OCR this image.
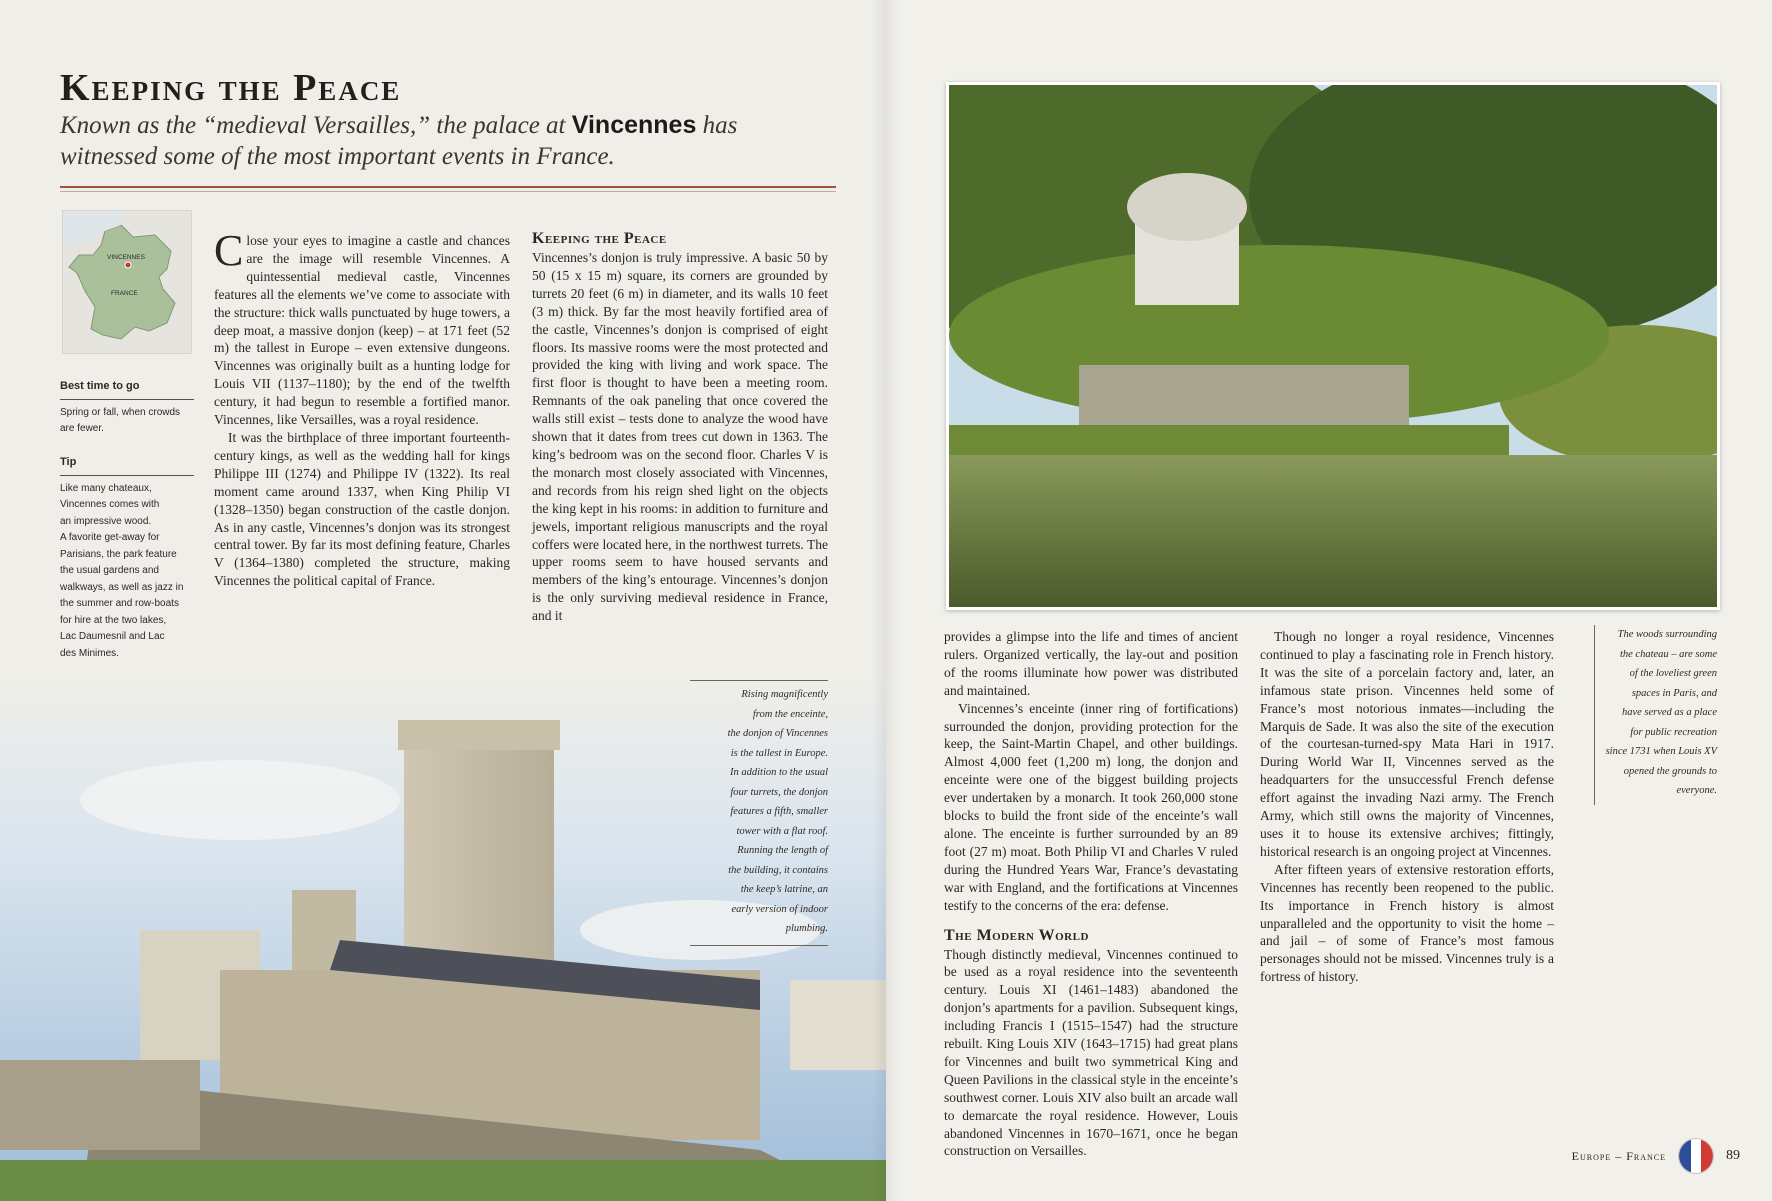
Keeping the Peace

Known as the “medieval Versailles,” the palace at Vincennes has witnessed some of the most important events in France.

VINCENNES
FRANCE
Best time to go
Spring or fall, when crowds
are fewer.
Tip
Like many chateaux,
Vincennes comes with
an impressive wood.
A favorite get-away for
Parisians, the park feature
the usual gardens and
walkways, as well as jazz in
the summer and row-boats
for hire at the two lakes,
Lac Daumesnil and Lac
des Minimes.

Close your eyes to imagine a castle and chances are the image will resemble Vincennes. A quintessential medieval castle, Vincennes features all the elements we’ve come to associate with the structure: thick walls punctuated by huge towers, a deep moat, a massive donjon (keep) – at 171 feet (52 m) the tallest in Europe – even extensive dungeons. Vincennes was originally built as a hunting lodge for Louis VII (1137–1180); by the end of the twelfth century, it had begun to resemble a fortified manor. Vincennes, like Versailles, was a royal residence.

It was the birthplace of three important fourteenth-century kings, as well as the wedding hall for kings Philippe III (1274) and Philippe IV (1322). Its real moment came around 1337, when King Philip VI (1328–1350) began construction of the castle donjon. As in any castle, Vincennes’s donjon was its strongest central tower. By far its most defining feature, Charles V (1364–1380) completed the structure, making Vincennes the political capital of France.

Keeping the Peace

Vincennes’s donjon is truly impressive. A basic 50 by 50 (15 x 15 m) square, its corners are grounded by turrets 20 feet (6 m) in diameter, and its walls 10 feet (3 m) thick. By far the most heavily fortified area of the castle, Vincennes’s donjon is comprised of eight floors. Its massive rooms were the most protected and provided the king with living and work space. The first floor is thought to have been a meeting room. Remnants of the oak paneling that once covered the walls still exist – tests done to analyze the wood have shown that it dates from trees cut down in 1363. The king’s bedroom was on the second floor. Charles V is the monarch most closely associated with Vincennes, and records from his reign shed light on the objects the king kept in his rooms: in addition to furniture and jewels, important religious manuscripts and the royal coffers were located here, in the northwest turrets. The upper rooms seem to have housed servants and members of the king’s entourage. Vincennes’s donjon is the only surviving medieval residence in France, and it

Rising magnificently
from the enceinte,
the donjon of Vincennes
is the tallest in Europe.
In addition to the usual
four turrets, the donjon
features a fifth, smaller
tower with a flat roof.
Running the length of
the building, it contains
the keep’s latrine, an
early version of indoor
plumbing.
The woods surrounding
the chateau – are some
of the loveliest green
spaces in Paris, and
have served as a place
for public recreation
since 1731 when Louis XV
opened the grounds to
everyone.

provides a glimpse into the life and times of ancient rulers. Organized vertically, the lay-out and position of the rooms illuminate how power was distributed and maintained.

Vincennes’s enceinte (inner ring of fortifications) surrounded the donjon, providing protection for the keep, the Saint-Martin Chapel, and other buildings. Almost 4,000 feet (1,200 m) long, the donjon and enceinte were one of the biggest building projects ever undertaken by a monarch. It took 260,000 stone blocks to build the front side of the enceinte’s wall alone. The enceinte is further surrounded by an 89 foot (27 m) moat. Both Philip VI and Charles V ruled during the Hundred Years War, France’s devastating war with England, and the fortifications at Vincennes testify to the concerns of the era: defense.

The Modern World

Though distinctly medieval, Vincennes continued to be used as a royal residence into the seventeenth century. Louis XI (1461–1483) abandoned the donjon’s apartments for a pavilion. Subsequent kings, including Francis I (1515–1547) had the structure rebuilt. King Louis XIV (1643–1715) had great plans for Vincennes and built two symmetrical King and Queen Pavilions in the classical style in the enceinte’s southwest corner. Louis XIV also built an arcade wall to demarcate the royal residence. However, Louis abandoned Vincennes in 1670–1671, once he began construction on Versailles.

Though no longer a royal residence, Vincennes continued to play a fascinating role in French history. It was the site of a porcelain factory and, later, an infamous state prison. Vincennes held some of France’s most notorious inmates—including the Marquis de Sade. It was also the site of the execution of the courtesan-turned-spy Mata Hari in 1917. During World War II, Vincennes served as the headquarters for the unsuccessful French defense effort against the invading Nazi army. The French Army, which still owns the majority of Vincennes, uses it to house its extensive archives; fittingly, historical research is an ongoing project at Vincennes.

After fifteen years of extensive restoration efforts, Vincennes has recently been reopened to the public. Its importance in French history is almost unparalleled and the opportunity to visit the home – and jail – of some of France’s most famous personages should not be missed. Vincennes truly is a fortress of history.

Europe – France	89
